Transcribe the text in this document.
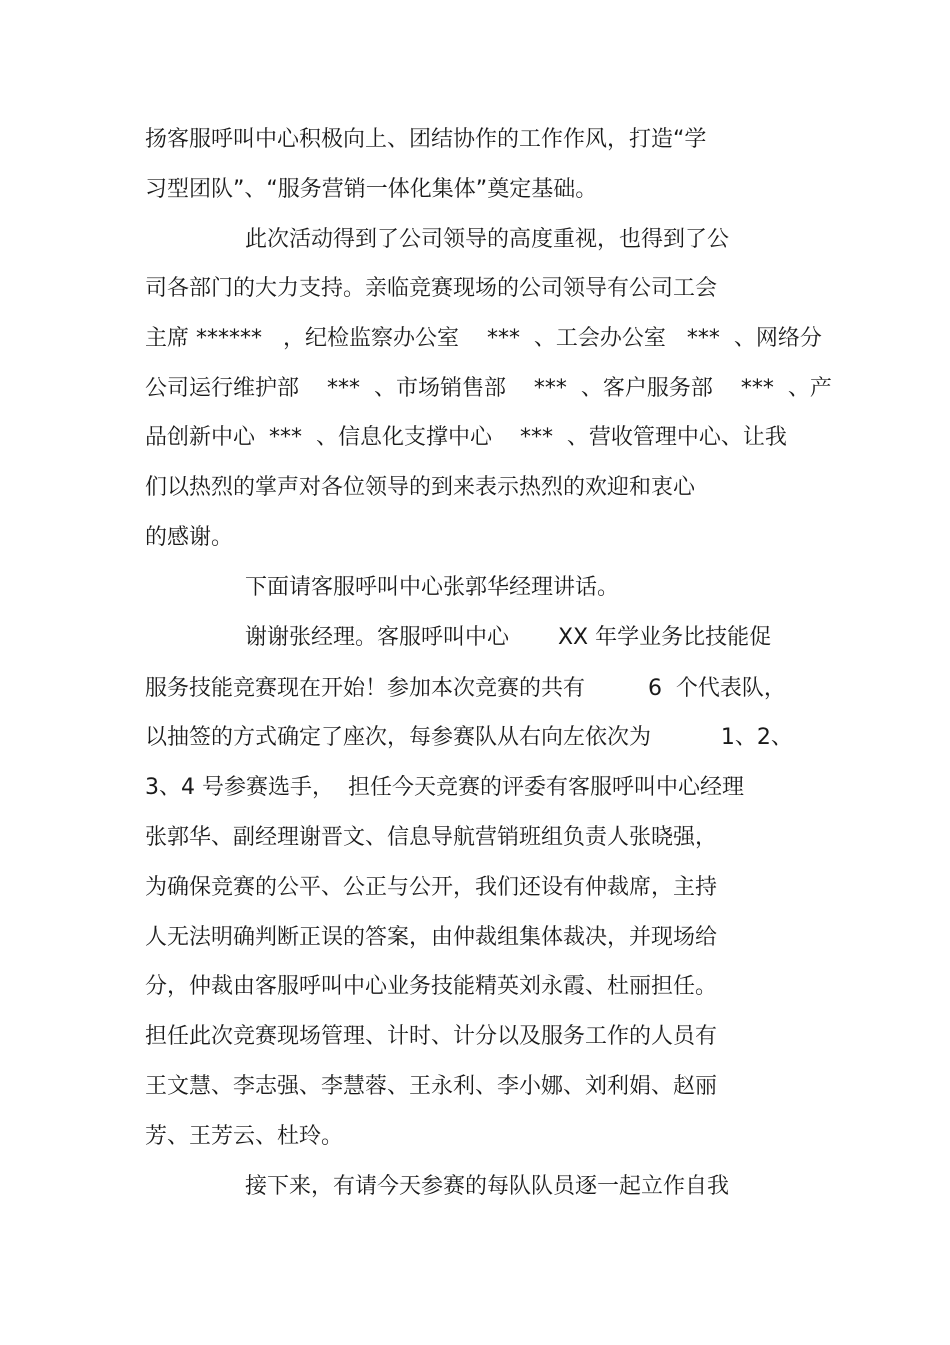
扬客服呼叫中心积极向上、团结协作的工作作风，打造“学
习型团队”、“服务营销一体化集体”奠定基础。
此次活动得到了公司领导的高度重视，也得到了公
司各部门的大力支持。亲临竞赛现场的公司领导有公司工会
主席 ******   ，纪检监察办公室    ***  、工会办公室   ***  、网络分
公司运行维护部    ***  、市场销售部    ***  、客户服务部    ***  、产
品创新中心  ***  、信息化支撑中心    ***  、营收管理中心、让我
们以热烈的掌声对各位领导的到来表示热烈的欢迎和衷心
的感谢。
下面请客服呼叫中心张郭华经理讲话。
谢谢张经理。客服呼叫中心       XX 年学业务比技能促
服务技能竞赛现在开始！参加本次竞赛的共有         6  个代表队，
以抽签的方式确定了座次，每参赛队从右向左依次为          1、2、
3、4 号参赛选手，  担任今天竞赛的评委有客服呼叫中心经理
张郭华、副经理谢晋文、信息导航营销班组负责人张晓强，
为确保竞赛的公平、公正与公开，我们还设有仲裁席，主持
人无法明确判断正误的答案，由仲裁组集体裁决，并现场给
分，仲裁由客服呼叫中心业务技能精英刘永霞、杜丽担任。
担任此次竞赛现场管理、计时、计分以及服务工作的人员有
王文慧、李志强、李慧蓉、王永利、李小娜、刘利娟、赵丽
芳、王芳云、杜玲。
接下来，有请今天参赛的每队队员逐一起立作自我
